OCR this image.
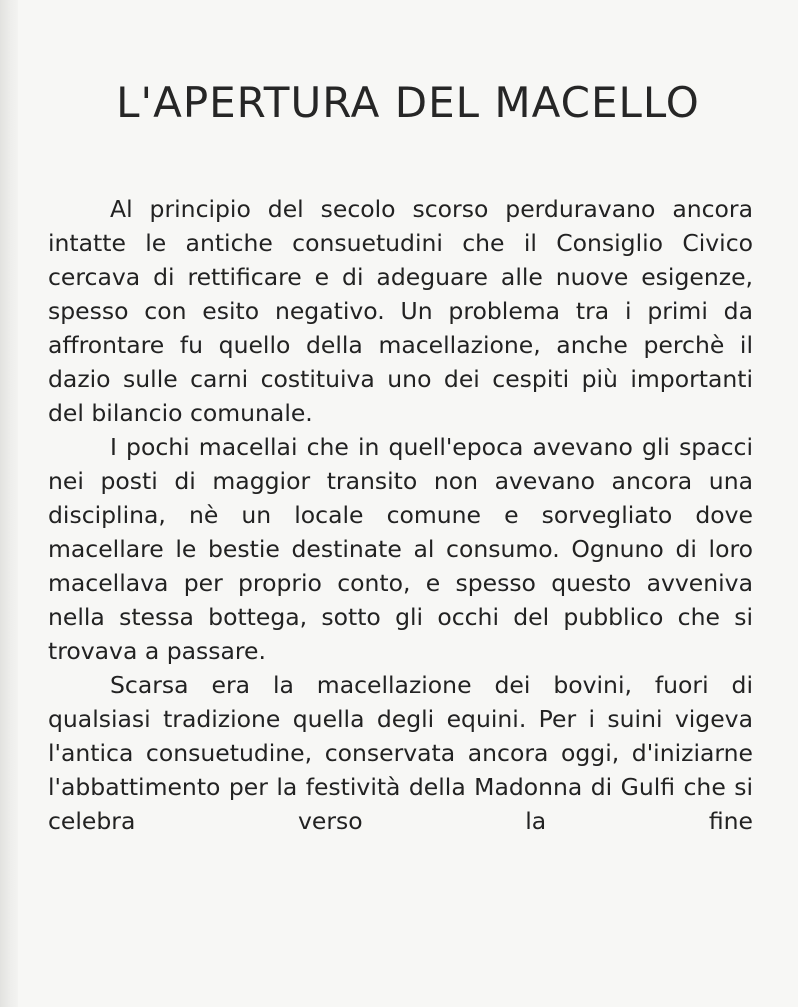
L'APERTURA DEL MACELLO

Al principio del secolo scorso perduravano ancora intatte le antiche consuetudini che il Consiglio Civico cercava di rettificare e di adeguare alle nuove esigenze, spesso con esito negativo. Un problema tra i primi da affrontare fu quello della macellazione, anche perchè il dazio sulle carni costituiva uno dei cespiti più importanti del bilancio comunale.

I pochi macellai che in quell'epoca avevano gli spacci nei posti di maggior transito non avevano ancora una disciplina, nè un locale comune e sorvegliato dove macellare le bestie destinate al consumo. Ognuno di loro macellava per proprio conto, e spesso questo avveniva nella stessa bottega, sotto gli occhi del pubblico che si trovava a passare.

Scarsa era la macellazione dei bovini, fuori di qualsiasi tradizione quella degli equini. Per i suini vigeva l'antica consuetudine, conservata ancora oggi, d'iniziarne l'abbattimento per la festività della Madonna di Gulfi che si celebra verso la fine
